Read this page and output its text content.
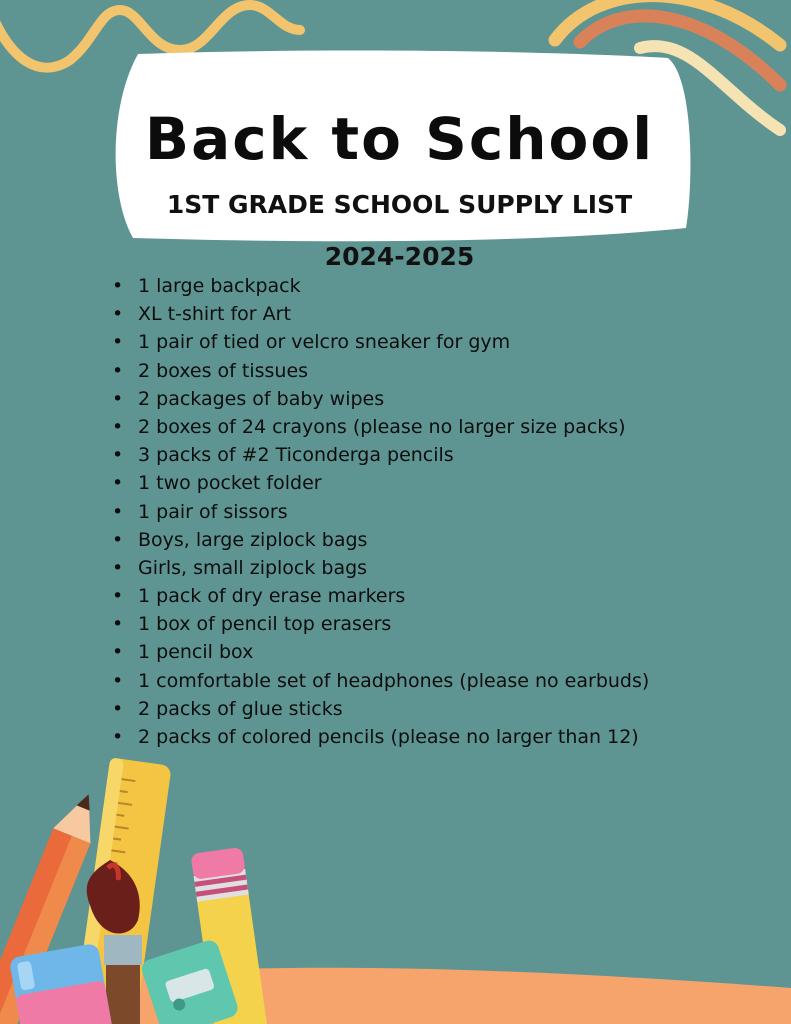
Back to School
1ST GRADE SCHOOL SUPPLY LIST
2024-2025
• 1 large backpack
• XL t-shirt for Art
• 1 pair of tied or velcro sneaker for gym
• 2 boxes of tissues
• 2 packages of baby wipes
• 2 boxes of 24 crayons (please no larger size packs)
• 3 packs of #2 Ticonderga pencils
• 1 two pocket folder
• 1 pair of sissors
• Boys, large ziplock bags
• Girls, small ziplock bags
• 1 pack of dry erase markers
• 1 box of pencil top erasers
• 1 pencil box
• 1 comfortable set of headphones (please no earbuds)
• 2 packs of glue sticks
• 2 packs of colored pencils (please no larger than 12)
